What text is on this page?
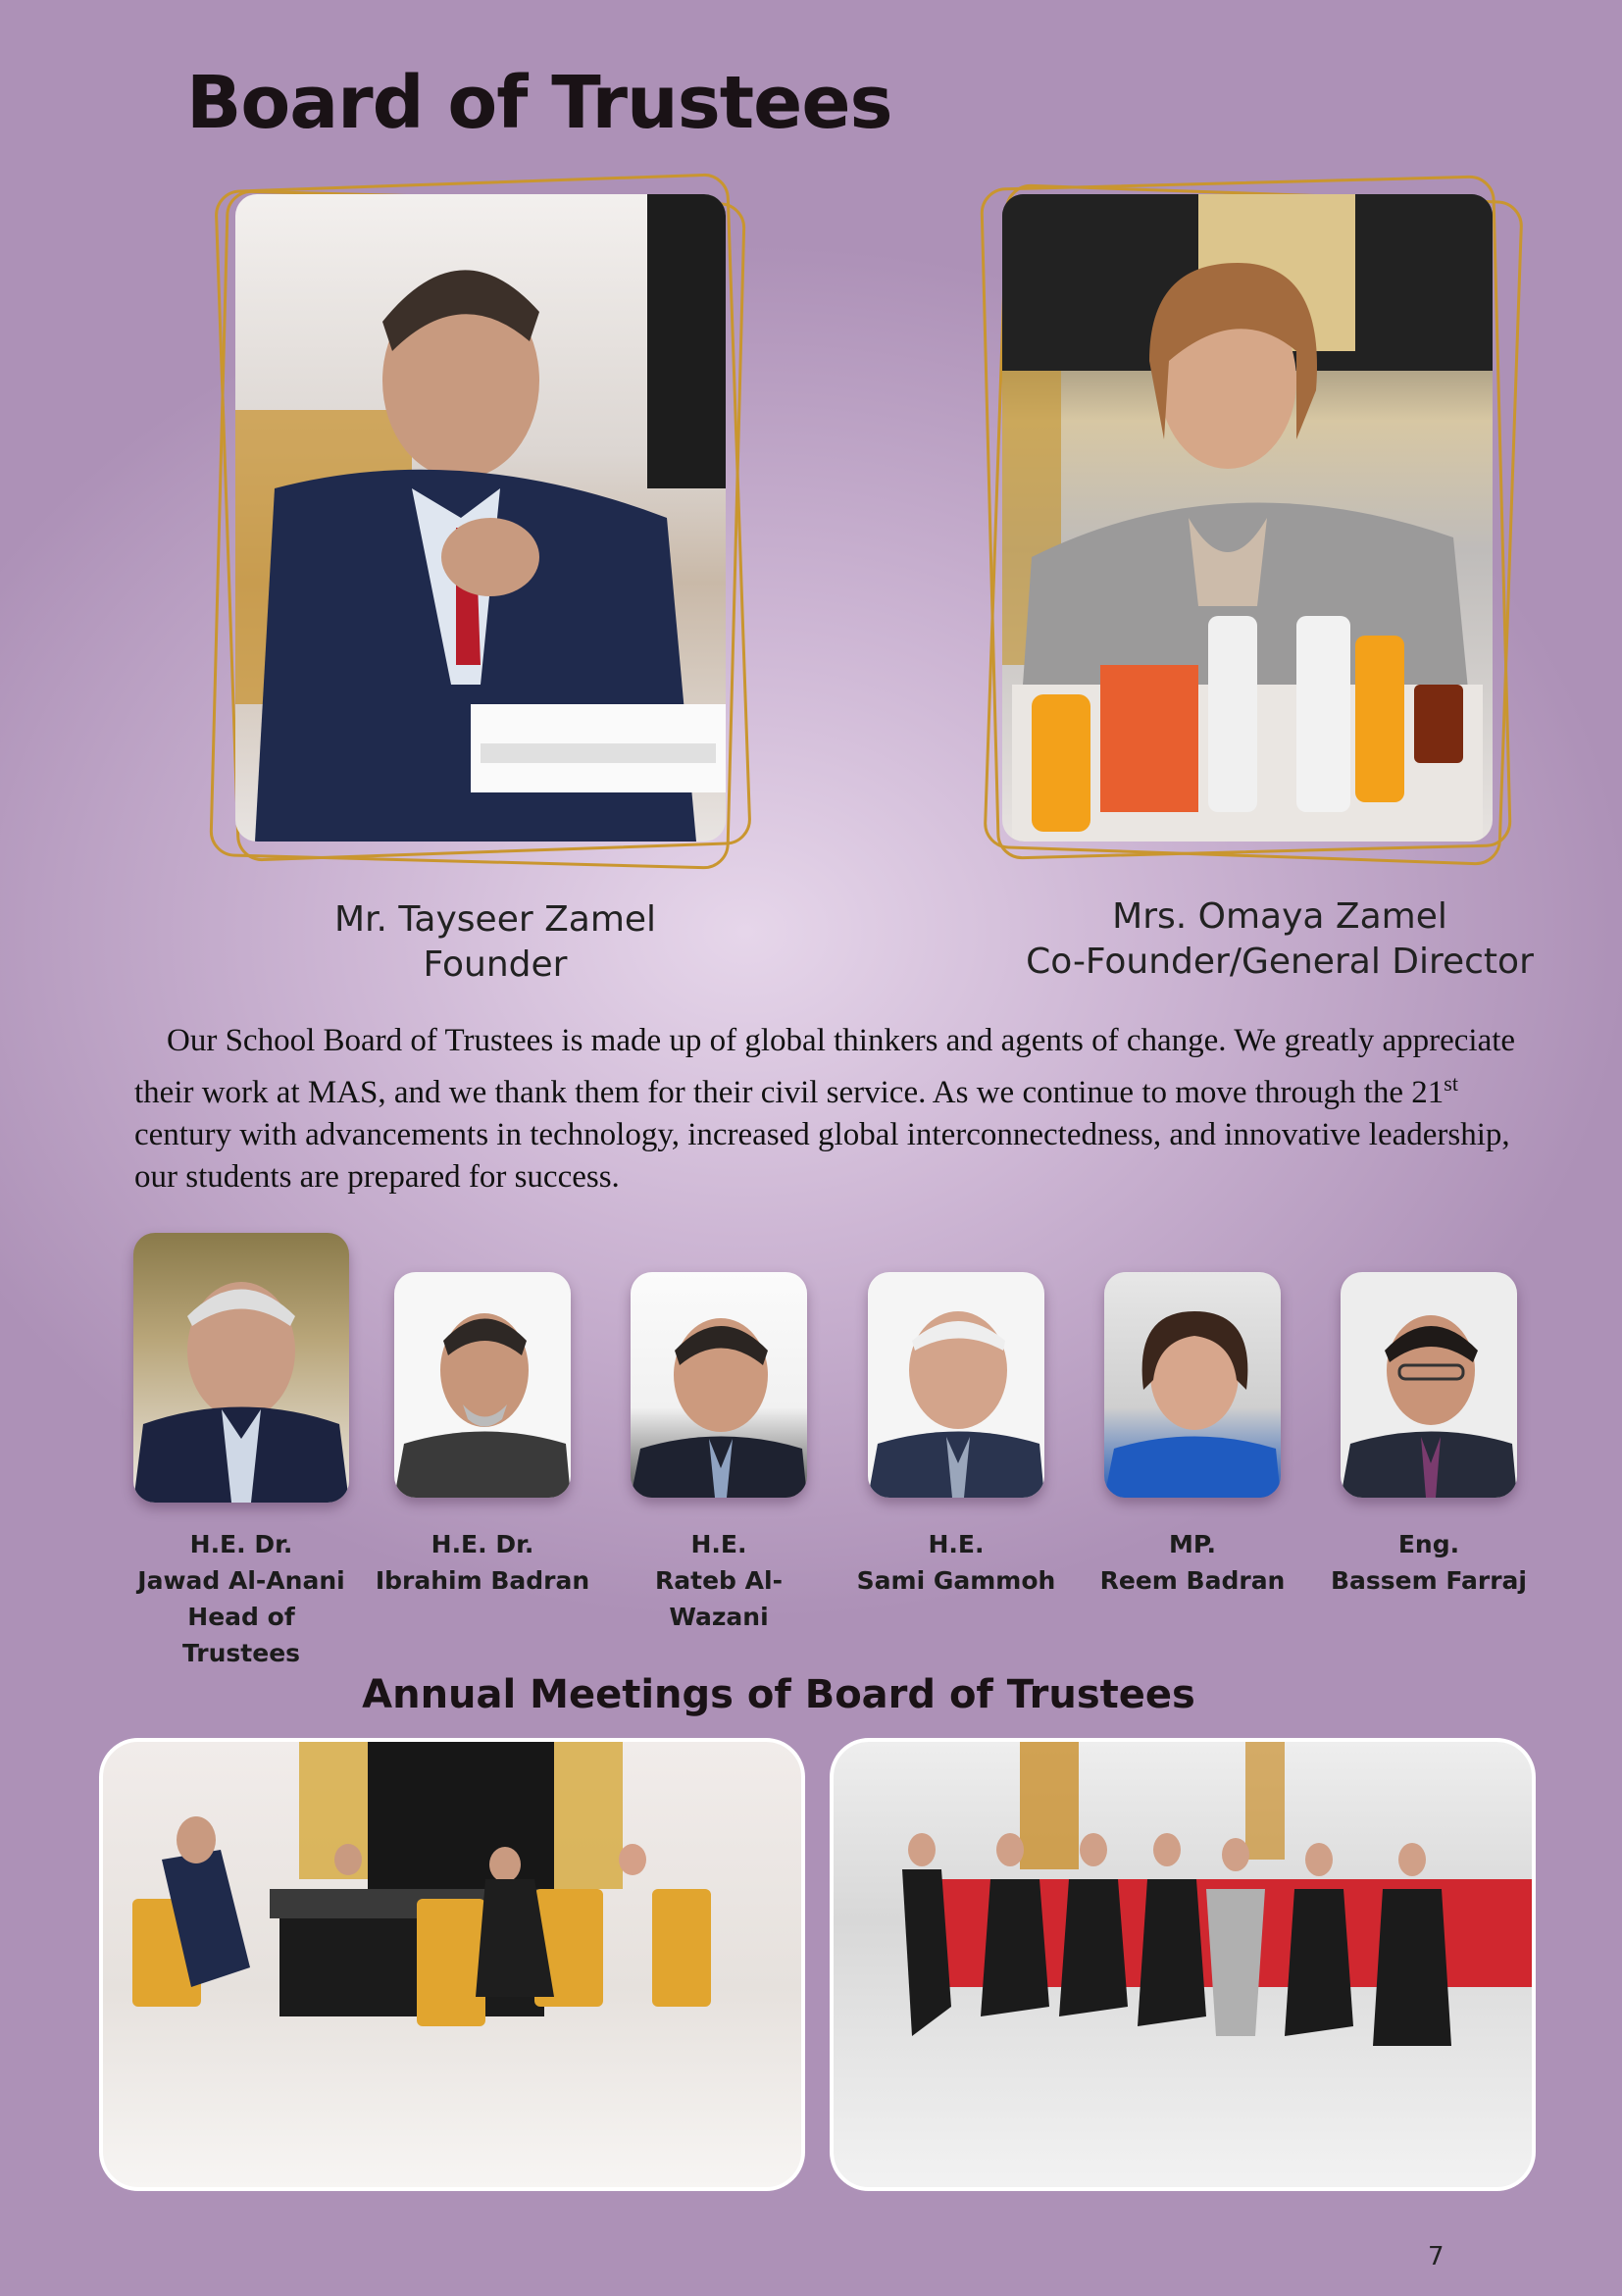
Board of Trustees
Mr. Tayseer Zamel
Founder
Mrs. Omaya Zamel
Co-Founder/General Director
 Our School Board of Trustees is made up of global thinkers and agents of change. We greatly appreciate their work at MAS, and we thank them for their civil service. As we continue to move through the 21st century with advancements in technology, increased global interconnectedness, and innovative leadership, our students are prepared for success.
H.E. Dr.
Jawad Al-Anani
Head of Trustees
H.E. Dr.
Ibrahim Badran
H.E.
Rateb Al-Wazani
H.E.
Sami Gammoh
MP.
Reem Badran
Eng.
Bassem Farraj
Annual Meetings of Board of Trustees
7
